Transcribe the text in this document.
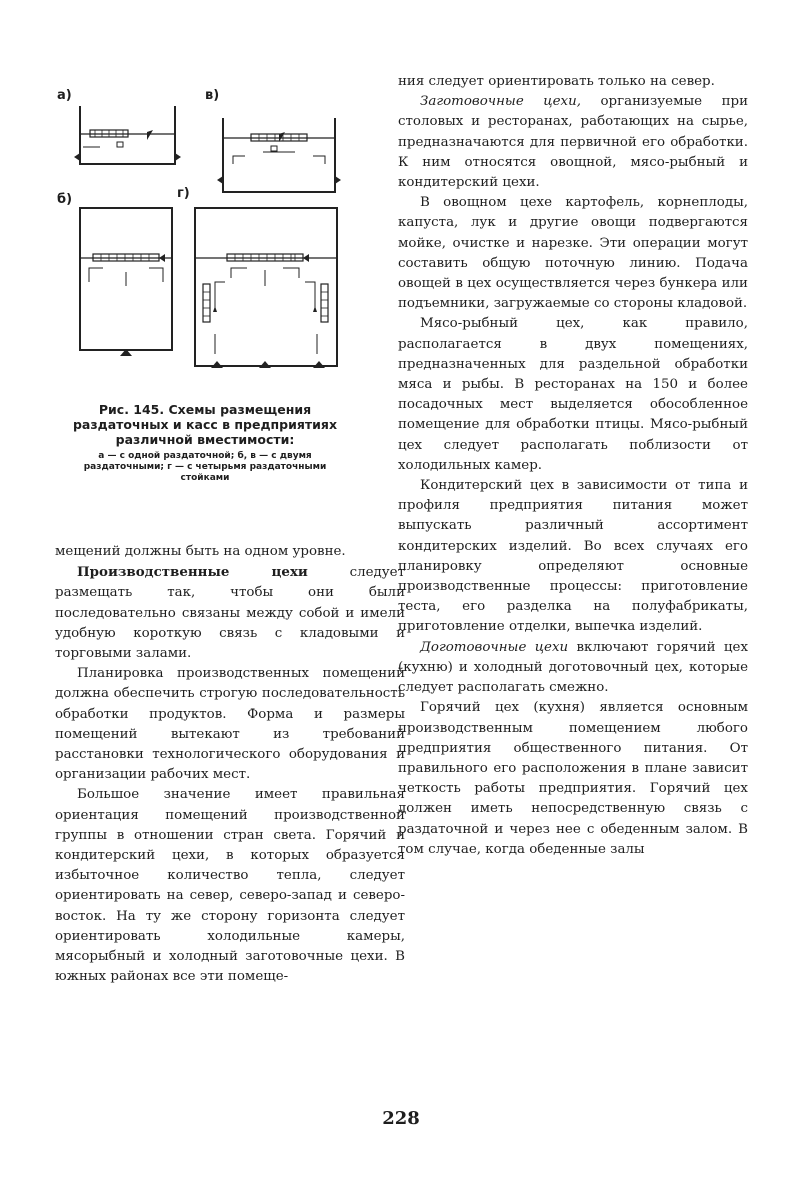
а)	в)
б)	г)

Рис. 145. Схемы размещения раздаточных и касс в предприятиях различной вместимости:

а — с одной раздаточной; б, в — с двумя раздаточными; г — с четырьмя раздаточными стойками

мещений должны быть на одном уровне.

Производственные цехи следует размещать так, чтобы они были последовательно связаны между собой и имели удобную короткую связь с кладовыми и торговыми залами.

Планировка производственных помещений должна обеспечить строгую последовательность обработки продуктов. Форма и размеры помещений вытекают из требований расстановки технологического оборудования и организации рабочих мест.

Большое значение имеет правильная ориентация помещений производственной группы в отношении стран света. Горячий и кондитерский цехи, в которых образуется избыточное количество тепла, следует ориентировать на север, северо-запад и северо-восток. На ту же сторону горизонта следует ориентировать холодильные камеры, мясорыбный и холодный заготовочные цехи. В южных районах все эти помеще-

ния следует ориентировать только на север.

Заготовочные цехи, организуемые при столовых и ресторанах, работающих на сырье, предназначаются для первичной его обработки. К ним относятся овощной, мясо-рыбный и кондитерский цехи.

В овощном цехе картофель, корнеплоды, капуста, лук и другие овощи подвергаются мойке, очистке и нарезке. Эти операции могут составить общую поточную линию. Подача овощей в цех осуществляется через бункера или подъемники, загружаемые со стороны кладовой.

Мясо-рыбный цех, как правило, располагается в двух помещениях, предназначенных для раздельной обработки мяса и рыбы. В ресторанах на 150 и более посадочных мест выделяется обособленное помещение для обработки птицы. Мясо-рыбный цех следует располагать поблизости от холодильных камер.

Кондитерский цех в зависимости от типа и профиля предприятия питания может выпускать различный ассортимент кондитерских изделий. Во всех случаях его планировку определяют основные производственные процессы: приготовление теста, его разделка на полуфабрикаты, приготовление отделки, выпечка изделий.

Доготовочные цехи включают горячий цех (кухню) и холодный доготовочный цех, которые следует располагать смежно.

Горячий цех (кухня) является основным производственным помещением любого предприятия общественного питания. От правильного его расположения в плане зависит четкость работы предприятия. Горячий цех должен иметь непосредственную связь с раздаточной и через нее с обеденным залом. В том случае, когда обеденные залы

228
